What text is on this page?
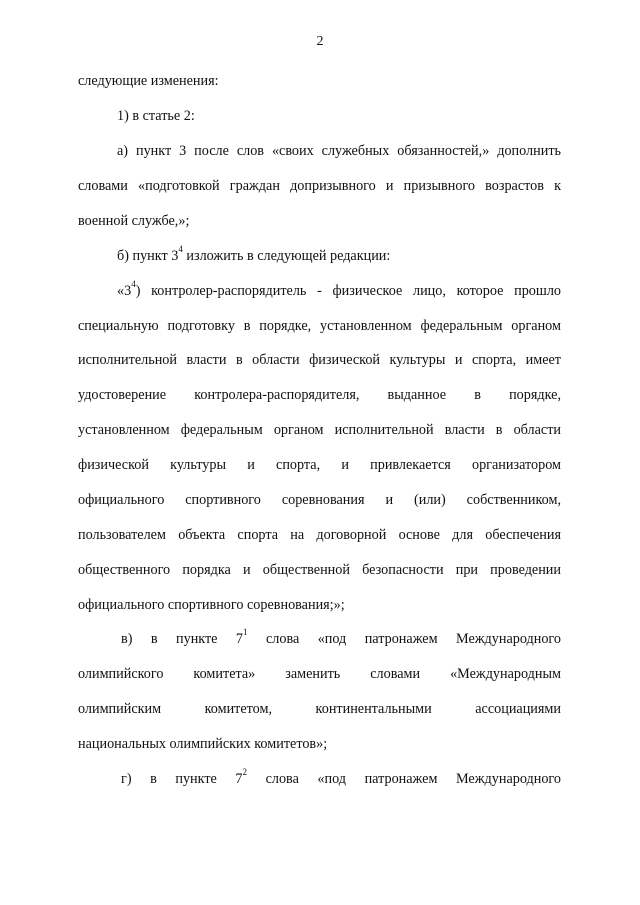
2
следующие изменения:
1) в статье 2:
а) пункт 3 после слов «своих служебных обязанностей,» дополнить
словами «подготовкой граждан допризывного и призывного возрастов к
военной службе,»;
б) пункт $3^4$ изложить в следующей редакции:
«$3^4$) контролер-распорядитель - физическое лицо, которое прошло
специальную подготовку в порядке, установленном федеральным органом
исполнительной власти в области физической культуры и спорта, имеет
удостоверение контролера-распорядителя, выданное в порядке,
установленном федеральным органом исполнительной власти в области
физической культуры и спорта, и привлекается организатором
официального спортивного соревнования и (или) собственником,
пользователем объекта спорта на договорной основе для обеспечения
общественного порядка и общественной безопасности при проведении
официального спортивного соревнования;»;
в) в пункте $7^1$ слова «под патронажем Международного
олимпийского комитета» заменить словами «Международным
олимпийским комитетом, континентальными ассоциациями
национальных олимпийских комитетов»;
г) в пункте $7^2$ слова «под патронажем Международного
